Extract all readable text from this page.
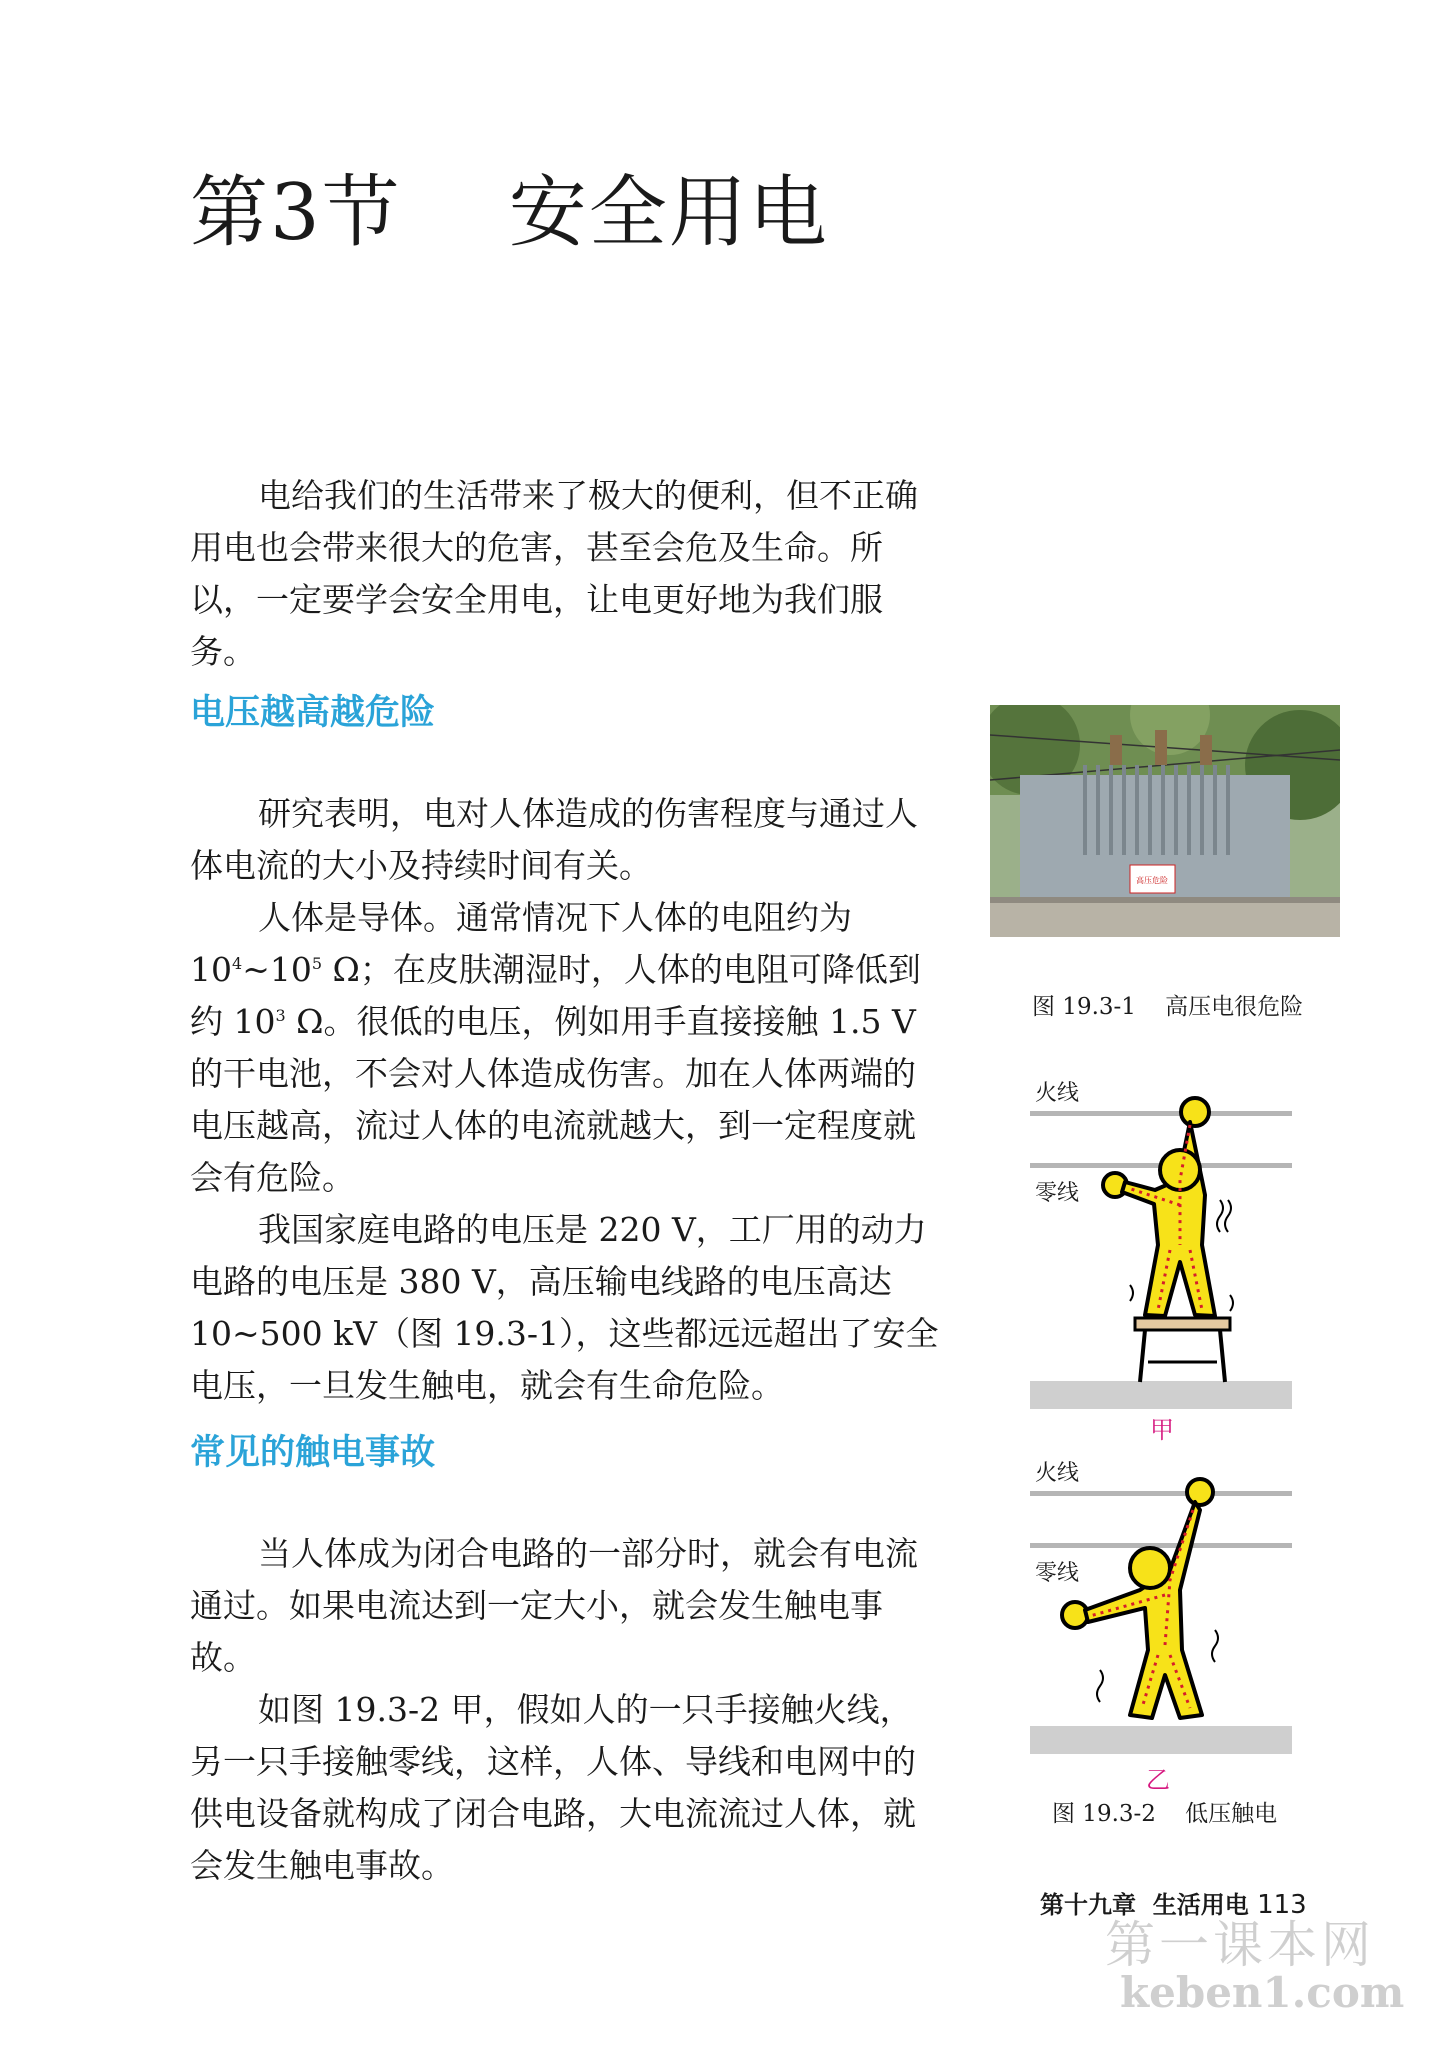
第3节    安全用电

电给我们的生活带来了极大的便利，但不正确用电也会带来很大的危害，甚至会危及生命。所以，一定要学会安全用电，让电更好地为我们服务。

电压越高越危险

研究表明，电对人体造成的伤害程度与通过人体电流的大小及持续时间有关。

人体是导体。通常情况下人体的电阻约为 $10^4\sim 10^5$ Ω；在皮肤潮湿时，人体的电阻可降低到约 $10^3$ Ω。很低的电压，例如用手直接接触 1.5 V 的干电池，不会对人体造成伤害。加在人体两端的电压越高，流过人体的电流就越大，到一定程度就会有危险。

我国家庭电路的电压是 220 V，工厂用的动力电路的电压是 380 V，高压输电线路的电压高达 10~500 kV（图 19.3-1），这些都远远超出了安全电压，一旦发生触电，就会有生命危险。

常见的触电事故

当人体成为闭合电路的一部分时，就会有电流通过。如果电流达到一定大小，就会发生触电事故。

如图 19.3-2 甲，假如人的一只手接触火线，另一只手接触零线，这样，人体、导线和电网中的供电设备就构成了闭合电路，大电流流过人体，就会发生触电事故。

高压危险
图 19.3-1    高压电很危险
火线
零线
甲
火线
零线
乙
图 19.3-2    低压触电
第十九章  生活用电 113
第一课本网
keben1.com
